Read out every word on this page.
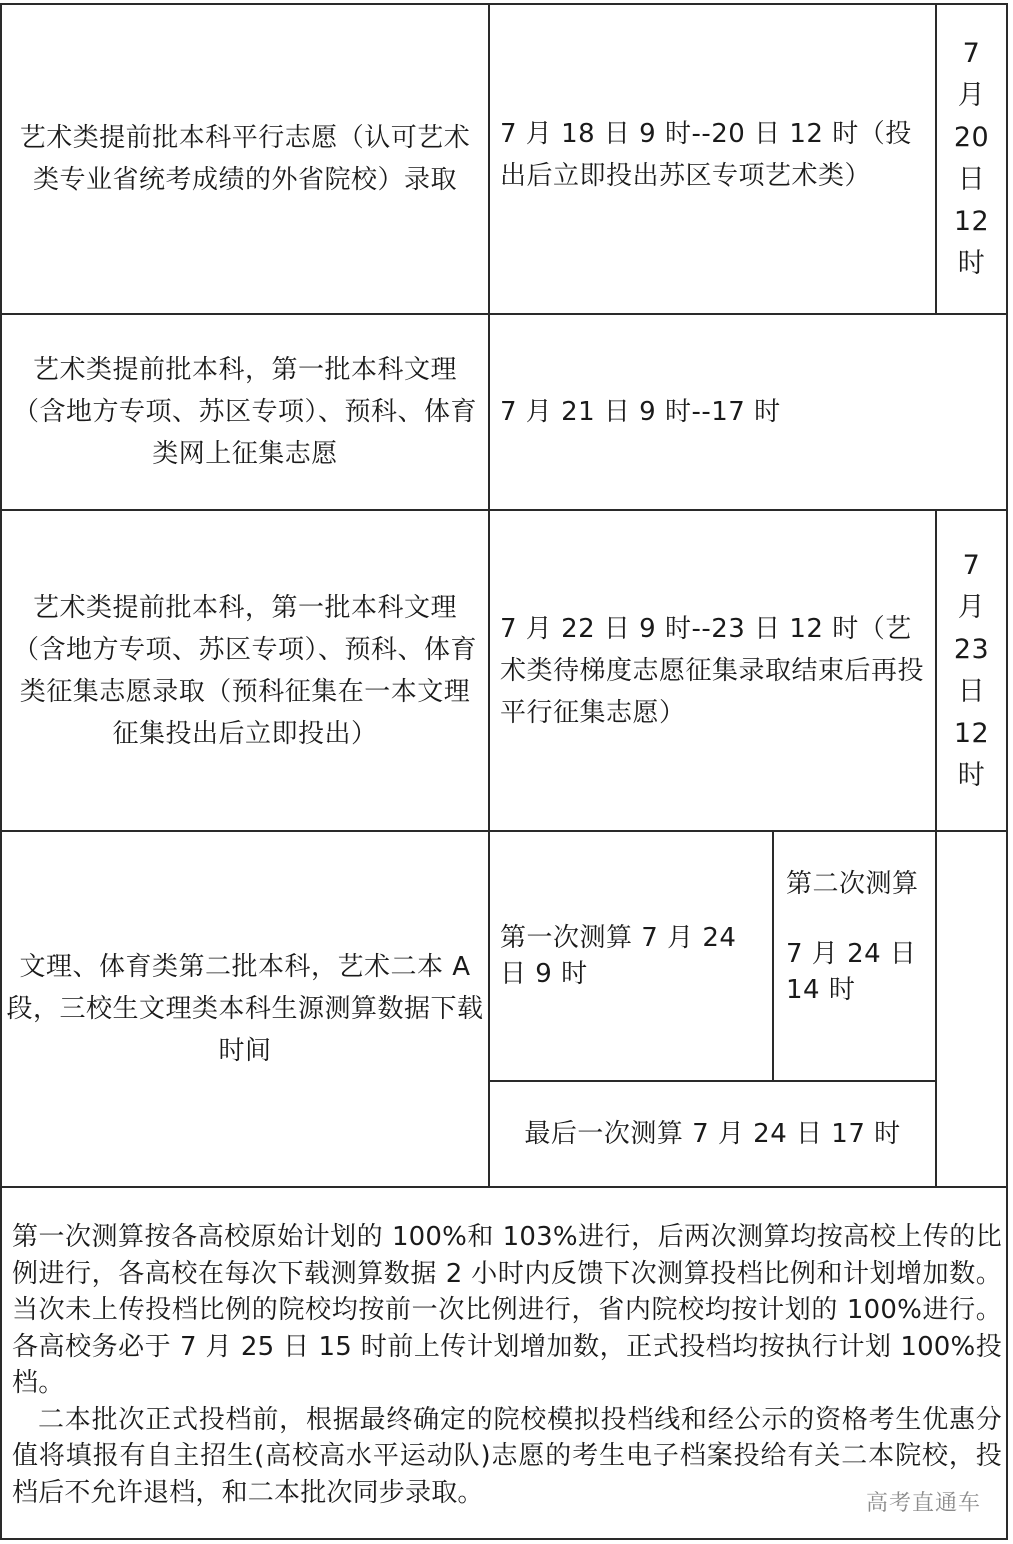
艺术类提前批本科平行志愿（认可艺术类专业省统考成绩的外省院校）录取
7 月 18 日 9 时--20 日 12 时（投出后立即投出苏区专项艺术类）
7
月
20
日
12
时
艺术类提前批本科，第一批本科文理（含地方专项、苏区专项）、预科、体育类网上征集志愿
7 月 21 日 9 时--17 时
艺术类提前批本科，第一批本科文理（含地方专项、苏区专项）、预科、体育类征集志愿录取（预科征集在一本文理征集投出后立即投出）
7 月 22 日 9 时--23 日 12 时（艺术类待梯度志愿征集录取结束后再投平行征集志愿）
7
月
23
日
12
时
文理、体育类第二批本科，艺术二本 A 段，三校生文理类本科生源测算数据下载时间
第一次测算 7 月 24 日 9 时
第二次测算
7 月 24 日 14 时
最后一次测算 7 月 24 日 17 时

第一次测算按各高校原始计划的 100%和 103%进行，后两次测算均按高校上传的比例进行，各高校在每次下载测算数据 2 小时内反馈下次测算投档比例和计划增加数。当次未上传投档比例的院校均按前一次比例进行，省内院校均按计划的 100%进行。各高校务必于 7 月 25 日 15 时前上传计划增加数，正式投档均按执行计划 100%投档。

二本批次正式投档前，根据最终确定的院校模拟投档线和经公示的资格考生优惠分值将填报有自主招生(高校高水平运动队)志愿的考生电子档案投给有关二本院校，投档后不允许退档，和二本批次同步录取。	高考直通车
